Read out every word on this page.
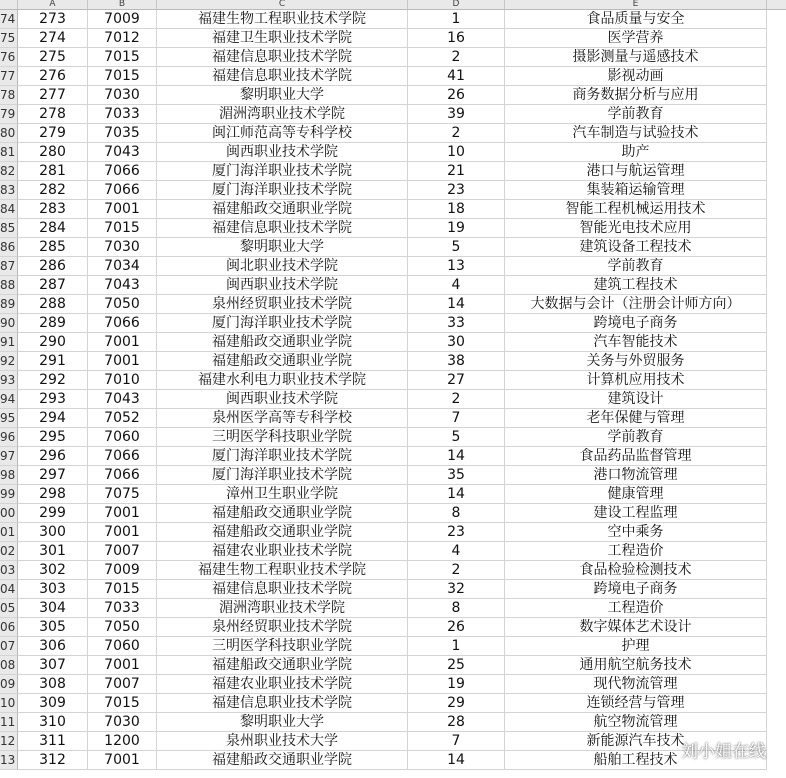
A	B	C	D	E
74	273	7009	福建生物工程职业技术学院	1	食品质量与安全
75	274	7012	福建卫生职业技术学院	16	医学营养
76	275	7015	福建信息职业技术学院	2	摄影测量与遥感技术
77	276	7015	福建信息职业技术学院	41	影视动画
78	277	7030	黎明职业大学	26	商务数据分析与应用
79	278	7033	湄洲湾职业技术学院	39	学前教育
80	279	7035	闽江师范高等专科学校	2	汽车制造与试验技术
81	280	7043	闽西职业技术学院	10	助产
82	281	7066	厦门海洋职业技术学院	21	港口与航运管理
83	282	7066	厦门海洋职业技术学院	23	集装箱运输管理
84	283	7001	福建船政交通职业学院	18	智能工程机械运用技术
85	284	7015	福建信息职业技术学院	19	智能光电技术应用
86	285	7030	黎明职业大学	5	建筑设备工程技术
87	286	7034	闽北职业技术学院	13	学前教育
88	287	7043	闽西职业技术学院	4	建筑工程技术
89	288	7050	泉州经贸职业技术学院	14	大数据与会计（注册会计师方向）
90	289	7066	厦门海洋职业技术学院	33	跨境电子商务
91	290	7001	福建船政交通职业学院	30	汽车智能技术
92	291	7001	福建船政交通职业学院	38	关务与外贸服务
93	292	7010	福建水利电力职业技术学院	27	计算机应用技术
94	293	7043	闽西职业技术学院	2	建筑设计
95	294	7052	泉州医学高等专科学校	7	老年保健与管理
96	295	7060	三明医学科技职业学院	5	学前教育
97	296	7066	厦门海洋职业技术学院	14	食品药品监督管理
98	297	7066	厦门海洋职业技术学院	35	港口物流管理
99	298	7075	漳州卫生职业学院	14	健康管理
00	299	7001	福建船政交通职业学院	8	建设工程监理
01	300	7001	福建船政交通职业学院	23	空中乘务
02	301	7007	福建农业职业技术学院	4	工程造价
03	302	7009	福建生物工程职业技术学院	2	食品检验检测技术
04	303	7015	福建信息职业技术学院	32	跨境电子商务
05	304	7033	湄洲湾职业技术学院	8	工程造价
06	305	7050	泉州经贸职业技术学院	26	数字媒体艺术设计
07	306	7060	三明医学科技职业学院	1	护理
08	307	7001	福建船政交通职业学院	25	通用航空航务技术
09	308	7007	福建农业职业技术学院	19	现代物流管理
10	309	7015	福建信息职业技术学院	29	连锁经营与管理
11	310	7030	黎明职业大学	28	航空物流管理
12	311	1200	泉州职业技术大学	7	新能源汽车技术
13	312	7001	福建船政交通职业学院	14	船舶工程技术 刘小姐在线
